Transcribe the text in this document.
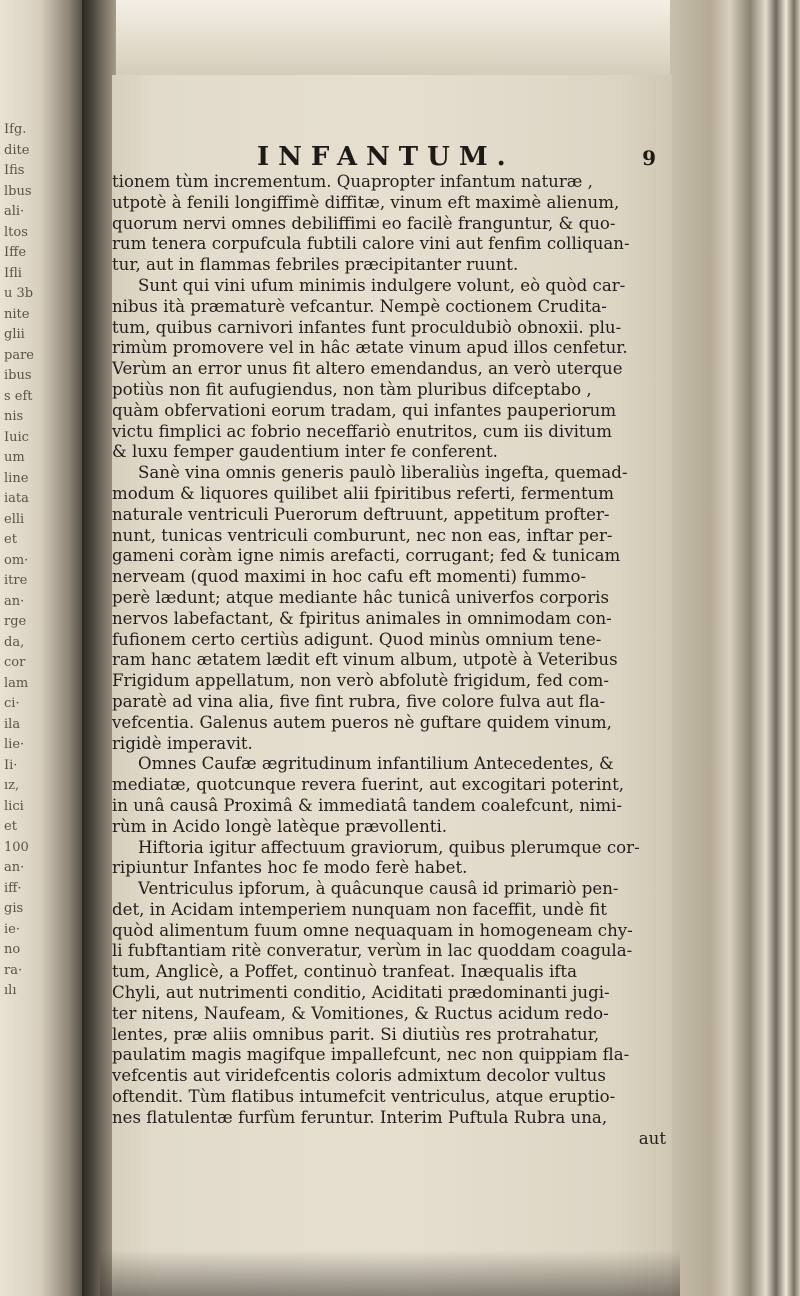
Ifg.
dite
Ifis
lbus
ali·
ltos
Iffe
Ifli
u 3b
nite
glii
pare
ibus
s eft
nis
Iuic
um
line
iata
elli
et
om·
itre
an·
rge
da,
cor
lam
ci·
ila
lie·
Ii·
ız,
lici
et
100
an·
iff·
gis
ie·
no
ra·
ılı
INFANTUM.	9
tionem tùm incrementum. Quapropter infantum naturæ ,
utpotè à fenili longiffimè diffitæ, vinum eft maximè alienum,
quorum nervi omnes debiliffimi eo facilè franguntur, & quo-
rum tenera corpufcula fubtili calore vini aut fenfim colliquan-
tur, aut in flammas febriles præcipitanter ruunt.
Sunt qui vini ufum minimis indulgere volunt, eò quòd car-
nibus ità præmaturè vefcantur. Nempè coctionem Crudita-
tum, quibus carnivori infantes funt proculdubiò obnoxii. plu-
rimùm promovere vel in hâc ætate vinum apud illos cenfetur.
Verùm an error unus fit altero emendandus, an verò uterque
potiùs non fit aufugiendus, non tàm pluribus difceptabo ,
quàm obfervationi eorum tradam, qui infantes pauperiorum
victu fimplici ac fobrio neceffariò enutritos, cum iis divitum
& luxu femper gaudentium inter fe conferent.
Sanè vina omnis generis paulò liberaliùs ingefta, quemad-
modum & liquores quilibet alii fpiritibus referti, fermentum
naturale ventriculi Puerorum deftruunt, appetitum profter-
nunt, tunicas ventriculi comburunt, nec non eas, inftar per-
gameni coràm igne nimis arefacti, corrugant; fed & tunicam
nerveam (quod maximi in hoc cafu eft momenti) fummo-
perè lædunt; atque mediante hâc tunicâ univerfos corporis
nervos labefactant, & fpiritus animales in omnimodam con-
fufionem certo certiùs adigunt. Quod minùs omnium tene-
ram hanc ætatem lædit eft vinum album, utpotè à Veteribus
Frigidum appellatum, non verò abfolutè frigidum, fed com-
paratè ad vina alia, five fint rubra, five colore fulva aut fla-
vefcentia. Galenus autem pueros nè guftare quidem vinum,
rigidè imperavit.
Omnes Caufæ ægritudinum infantilium Antecedentes, &
mediatæ, quotcunque revera fuerint, aut excogitari poterint,
in unâ causâ Proximâ & immediatâ tandem coalefcunt, nimi-
rùm in Acido longè latèque prævollenti.
Hiftoria igitur affectuum graviorum, quibus plerumque cor-
ripiuntur Infantes hoc fe modo ferè habet.
Ventriculus ipforum, à quâcunque causâ id primariò pen-
det, in Acidam intemperiem nunquam non faceffit, undè fit
quòd alimentum fuum omne nequaquam in homogeneam chy-
li fubftantiam ritè converatur, verùm in lac quoddam coagula-
tum, Anglicè, a Poffet, continuò tranfeat. Inæqualis ifta
Chyli, aut nutrimenti conditio, Aciditati prædominanti jugi-
ter nitens, Naufeam, & Vomitiones, & Ructus acidum redo-
lentes, præ aliis omnibus parit. Si diutiùs res protrahatur,
paulatim magis magifque impallefcunt, nec non quippiam fla-
vefcentis aut viridefcentis coloris admixtum decolor vultus
oftendit. Tùm flatibus intumefcit ventriculus, atque eruptio-
nes flatulentæ furfùm feruntur. Interim Puftula Rubra una,
aut
